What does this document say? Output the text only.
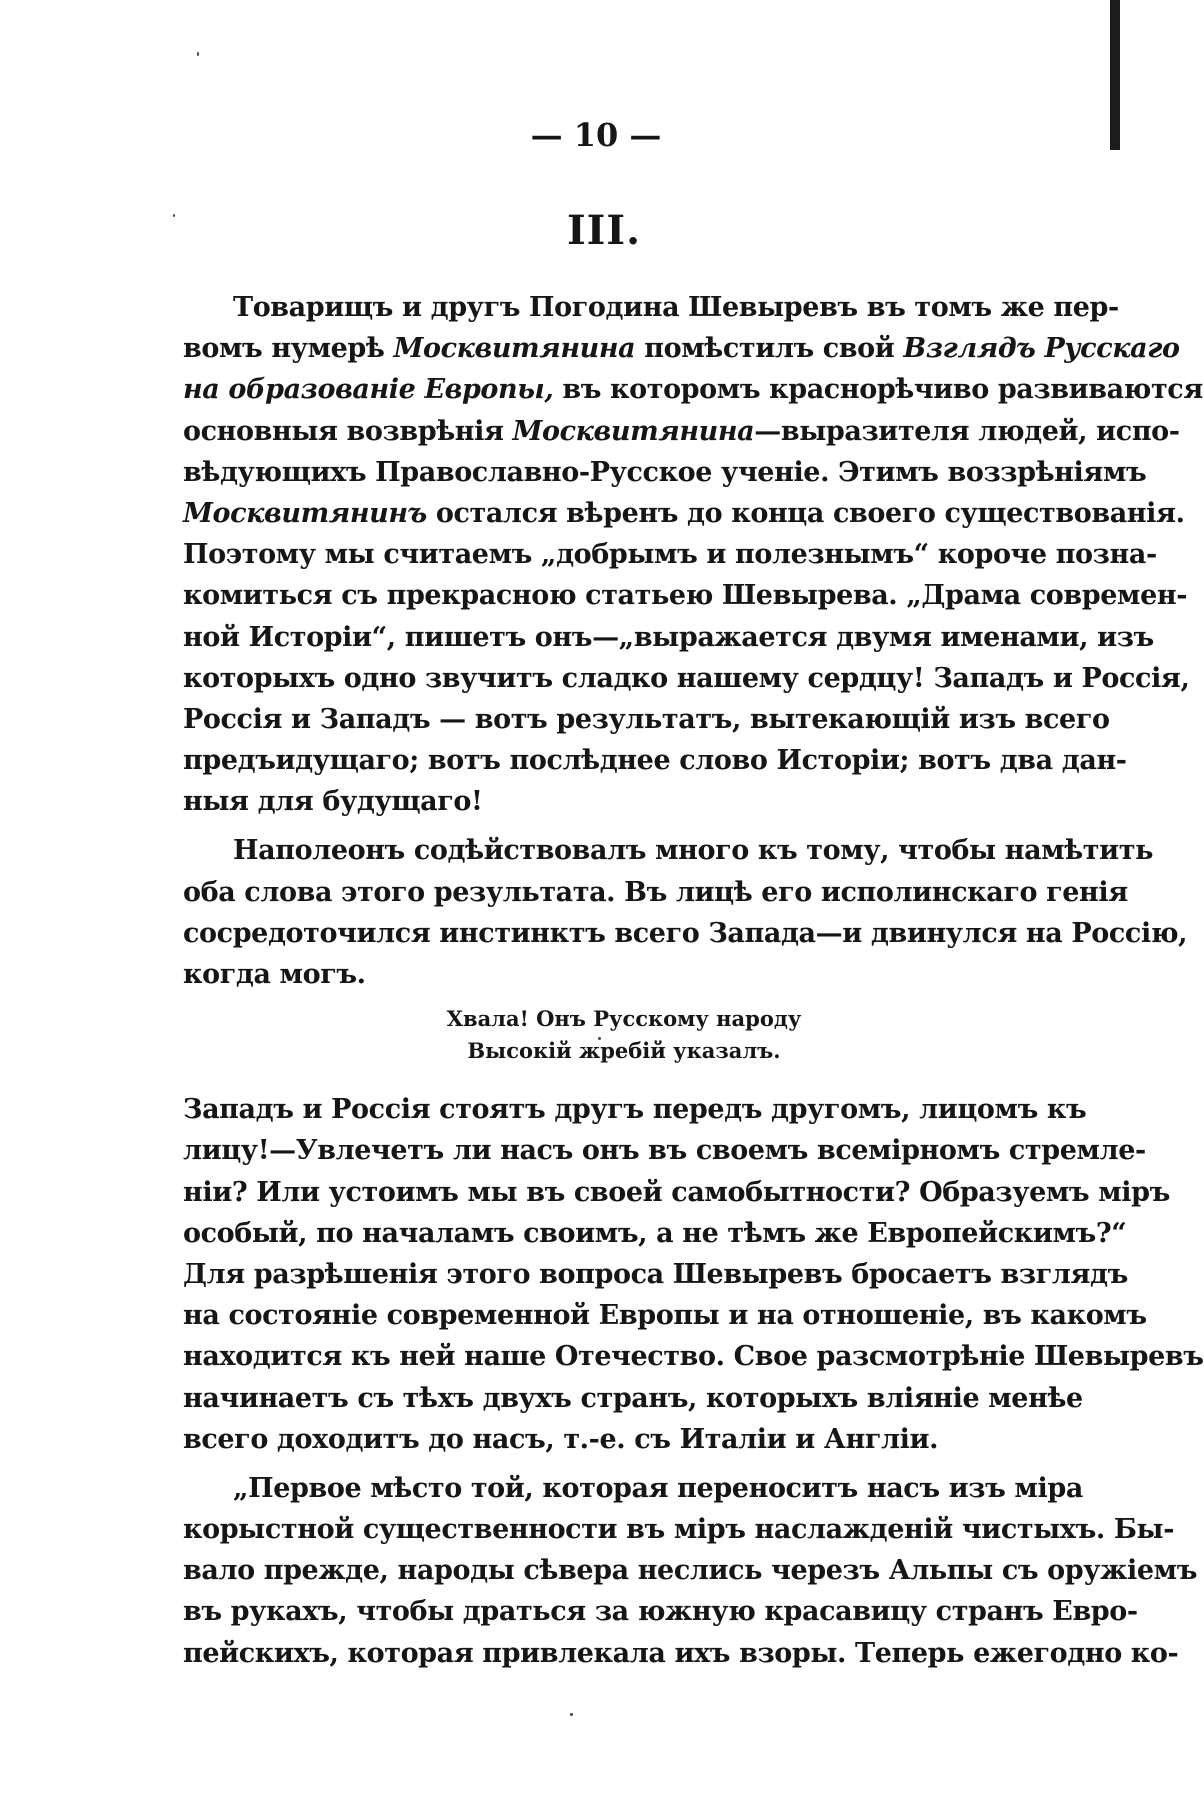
— 10 —
III.
Товарищъ и другъ Погодина Шевыревъ въ томъ же пер-
вомъ нумерѣ Москвитянина помѣстилъ свой Взглядъ Русскаго
на образованіе Европы, въ которомъ краснорѣчиво развиваются
основныя возврѣнія Москвитянина—выразителя людей, испо-
вѣдующихъ Православно-Русское ученіе. Этимъ воззрѣніямъ
Москвитянинъ остался вѣренъ до конца своего существованія.
Поэтому мы считаемъ „добрымъ и полезнымъ“ короче позна-
комиться съ прекрасною статьею Шевырева. „Драма современ-
ной Исторіи“, пишетъ онъ—„выражается двумя именами, изъ
которыхъ одно звучитъ сладко нашему сердцу! Западъ и Россія,
Россія и Западъ — вотъ результатъ, вытекающій изъ всего
предъидущаго; вотъ послѣднее слово Исторіи; вотъ два дан-
ныя для будущаго!
Наполеонъ содѣйствовалъ много къ тому, чтобы намѣтить
оба слова этого результата. Въ лицѣ его исполинскаго генія
сосредоточился инстинктъ всего Запада—и двинулся на Россію,
когда могъ.
Хвала! Онъ Русскому народу
Высокій жребій указалъ.
Западъ и Россія стоятъ другъ передъ другомъ, лицомъ къ
лицу!—Увлечетъ ли насъ онъ въ своемъ всемірномъ стремле-
ніи? Или устоимъ мы въ своей самобытности? Образуемъ міръ
особый, по началамъ своимъ, а не тѣмъ же Европейскимъ?“
Для разрѣшенія этого вопроса Шевыревъ бросаетъ взглядъ
на состояніе современной Европы и на отношеніе, въ какомъ
находится къ ней наше Отечество. Свое разсмотрѣніе Шевыревъ
начинаетъ съ тѣхъ двухъ странъ, которыхъ вліяніе менѣе
всего доходитъ до насъ, т.-е. съ Италіи и Англіи.
„Первое мѣсто той, которая переноситъ насъ изъ міра
корыстной существенности въ міръ наслажденій чистыхъ. Бы-
вало прежде, народы сѣвера неслись черезъ Альпы съ оружіемъ
въ рукахъ, чтобы драться за южную красавицу странъ Евро-
пейскихъ, которая привлекала ихъ взоры. Теперь ежегодно ко-
